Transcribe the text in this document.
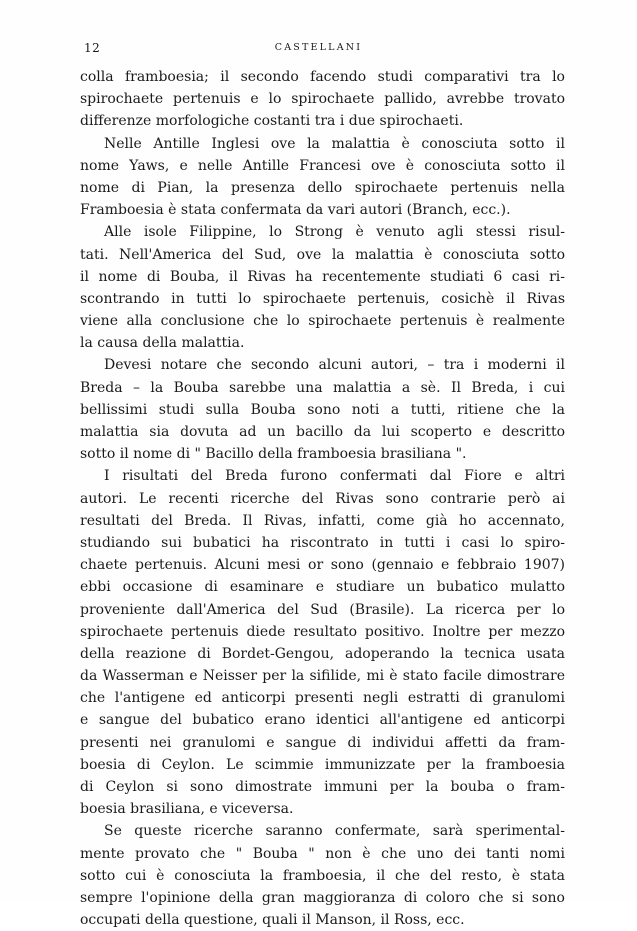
12	CASTELLANI
colla framboesia; il secondo facendo studi comparativi tra lo
spirochaete pertenuis e lo spirochaete pallido, avrebbe trovato
differenze morfologiche costanti tra i due spirochaeti.
Nelle Antille Inglesi ove la malattia è conosciuta sotto il
nome Yaws, e nelle Antille Francesi ove è conosciuta sotto il
nome di Pian, la presenza dello spirochaete pertenuis nella
Framboesia è stata confermata da vari autori (Branch, ecc.).
Alle isole Filippine, lo Strong è venuto agli stessi risul-
tati. Nell'America del Sud, ove la malattia è conosciuta sotto
il nome di Bouba, il Rivas ha recentemente studiati 6 casi ri-
scontrando in tutti lo spirochaete pertenuis, cosichè il Rivas
viene alla conclusione che lo spirochaete pertenuis è realmente
la causa della malattia.
Devesi notare che secondo alcuni autori, – tra i moderni il
Breda – la Bouba sarebbe una malattia a sè. Il Breda, i cui
bellissimi studi sulla Bouba sono noti a tutti, ritiene che la
malattia sia dovuta ad un bacillo da lui scoperto e descritto
sotto il nome di " Bacillo della framboesia brasiliana ".
I risultati del Breda furono confermati dal Fiore e altri
autori. Le recenti ricerche del Rivas sono contrarie però ai
resultati del Breda. Il Rivas, infatti, come già ho accennato,
studiando sui bubatici ha riscontrato in tutti i casi lo spiro-
chaete pertenuis. Alcuni mesi or sono (gennaio e febbraio 1907)
ebbi occasione di esaminare e studiare un bubatico mulatto
proveniente dall'America del Sud (Brasile). La ricerca per lo
spirochaete pertenuis diede resultato positivo. Inoltre per mezzo
della reazione di Bordet-Gengou, adoperando la tecnica usata
da Wasserman e Neisser per la sifilide, mi è stato facile dimostrare
che l'antigene ed anticorpi presenti negli estratti di granulomi
e sangue del bubatico erano identici all'antigene ed anticorpi
presenti nei granulomi e sangue di individui affetti da fram-
boesia di Ceylon. Le scimmie immunizzate per la framboesia
di Ceylon si sono dimostrate immuni per la bouba o fram-
boesia brasiliana, e viceversa.
Se queste ricerche saranno confermate, sarà sperimental-
mente provato che " Bouba " non è che uno dei tanti nomi
sotto cui è conosciuta la framboesia, il che del resto, è stata
sempre l'opinione della gran maggioranza di coloro che si sono
occupati della questione, quali il Manson, il Ross, ecc.
